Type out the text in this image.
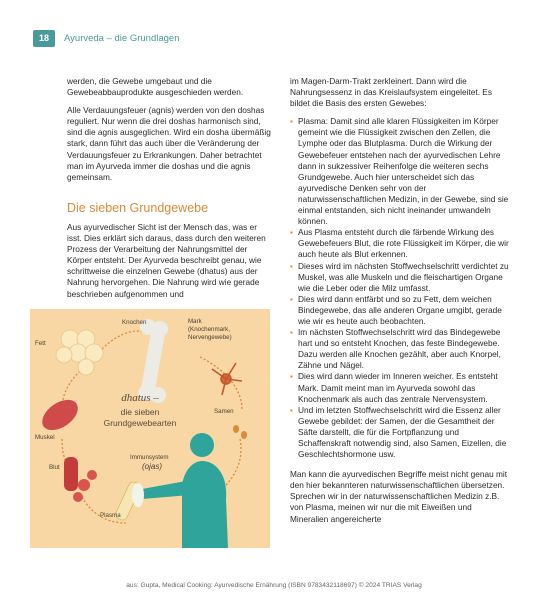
18	Ayurveda – die Grundlagen

werden, die Gewebe umgebaut und die Gewebeabbauprodukte ausgeschieden werden.

Alle Verdauungsfeuer (agnis) werden von den doshas reguliert. Nur wenn die drei doshas harmonisch sind, sind die agnis ausgeglichen. Wird ein dosha übermäßig stark, dann führt das auch über die Veränderung der Verdauungsfeuer zu Erkrankungen. Daher betrachtet man im Ayurveda immer die doshas und die agnis gemeinsam.

Die sieben Grundgewebe

Aus ayurvedischer Sicht ist der Mensch das, was er isst. Dies erklärt sich daraus, dass durch den weiteren Prozess der Verarbeitung der Nahrungsmittel der Körper entsteht. Der Ayurveda beschreibt genau, wie schrittweise die einzelnen Gewebe (dhatus) aus der Nahrung hervorgehen. Die Nahrung wird wie gerade beschrieben aufgenommen und

dhatus –
die sieben
Grundgewebearten
Knochen	Mark
(Knochenmark,
Nervengewebe)
Fett
Muskel
Blut
Plasma
Samen
Immunsystem
(ojas)

im Magen-Darm-Trakt zerkleinert. Dann wird die Nahrungsessenz in das Kreislaufsystem eingeleitet. Es bildet die Basis des ersten Gewebes:

▪ Plasma: Damit sind alle klaren Flüssigkeiten im Körper gemeint wie die Flüssigkeit zwischen den Zellen, die Lymphe oder das Blutplasma. Durch die Wirkung der Gewebefeuer entstehen nach der ayurvedischen Lehre dann in sukzessiver Reihenfolge die weiteren sechs Grundgewebe. Auch hier unterscheidet sich das ayurvedische Denken sehr von der naturwissenschaftlichen Medizin, in der Gewebe, sind sie einmal entstanden, sich nicht ineinander umwandeln können.
▪ Aus Plasma entsteht durch die färbende Wirkung des Gewebefeuers Blut, die rote Flüssigkeit im Körper, die wir auch heute als Blut erkennen.
▪ Dieses wird im nächsten Stoffwechselschritt verdichtet zu Muskel, was alle Muskeln und die fleischartigen Organe wie die Leber oder die Milz umfasst.
▪ Dies wird dann entfärbt und so zu Fett, dem weichen Bindegewebe, das alle anderen Organe umgibt, gerade wie wir es heute auch beobachten.
▪ Im nächsten Stoffwechselschritt wird das Bindegewebe hart und so entsteht Knochen, das feste Bindegewebe. Dazu werden alle Knochen gezählt, aber auch Knorpel, Zähne und Nägel.
▪ Dies wird dann wieder im Inneren weicher. Es entsteht Mark. Damit meint man im Ayurveda sowohl das Knochenmark als auch das zentrale Nervensystem.
▪ Und im letzten Stoffwechselschritt wird die Essenz aller Gewebe gebildet: der Samen, der die Gesamtheit der Säfte darstellt, die für die Fortpflanzung und Schaffenskraft notwendig sind, also Samen, Eizellen, die Geschlechtshormone usw.

Man kann die ayurvedischen Begriffe meist nicht genau mit den hier bekannteren naturwissenschaftlichen übersetzen. Sprechen wir in der naturwissenschaftlichen Medizin z.B. von Plasma, meinen wir nur die mit Eiweißen und Mineralien angereicherte

aus: Gupta, Medical Cooking: Ayurvedische Ernährung (ISBN 9783432118697) © 2024 TRIAS Verlag
